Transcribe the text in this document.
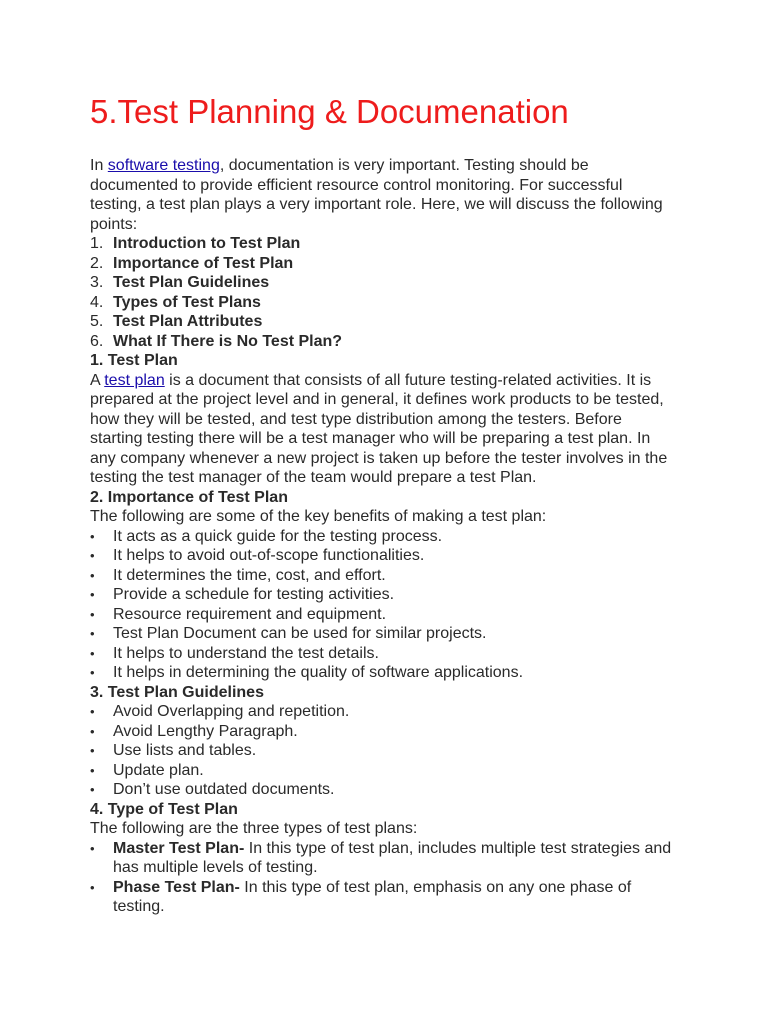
5.Test Planning & Documenation

In software testing, documentation is very important. Testing should be documented to provide efficient resource control monitoring. For successful testing, a test plan plays a very important role. Here, we will discuss the following points:

1. Introduction to Test Plan
2. Importance of Test Plan
3. Test Plan Guidelines
4. Types of Test Plans
5. Test Plan Attributes
6. What If There is No Test Plan?
1. Test Plan

A test plan is a document that consists of all future testing-related activities. It is prepared at the project level and in general, it defines work products to be tested, how they will be tested, and test type distribution among the testers. Before starting testing there will be a test manager who will be preparing a test plan. In any company whenever a new project is taken up before the tester involves in the testing the test manager of the team would prepare a test Plan.

2. Importance of Test Plan

The following are some of the key benefits of making a test plan:

• It acts as a quick guide for the testing process.
• It helps to avoid out-of-scope functionalities.
• It determines the time, cost, and effort.
• Provide a schedule for testing activities.
• Resource requirement and equipment.
• Test Plan Document can be used for similar projects.
• It helps to understand the test details.
• It helps in determining the quality of software applications.
3. Test Plan Guidelines
• Avoid Overlapping and repetition.
• Avoid Lengthy Paragraph.
• Use lists and tables.
• Update plan.
• Don’t use outdated documents.
4. Type of Test Plan

The following are the three types of test plans:

• Master Test Plan- In this type of test plan, includes multiple test strategies and has multiple levels of testing.
• Phase Test Plan- In this type of test plan, emphasis on any one phase of testing.
